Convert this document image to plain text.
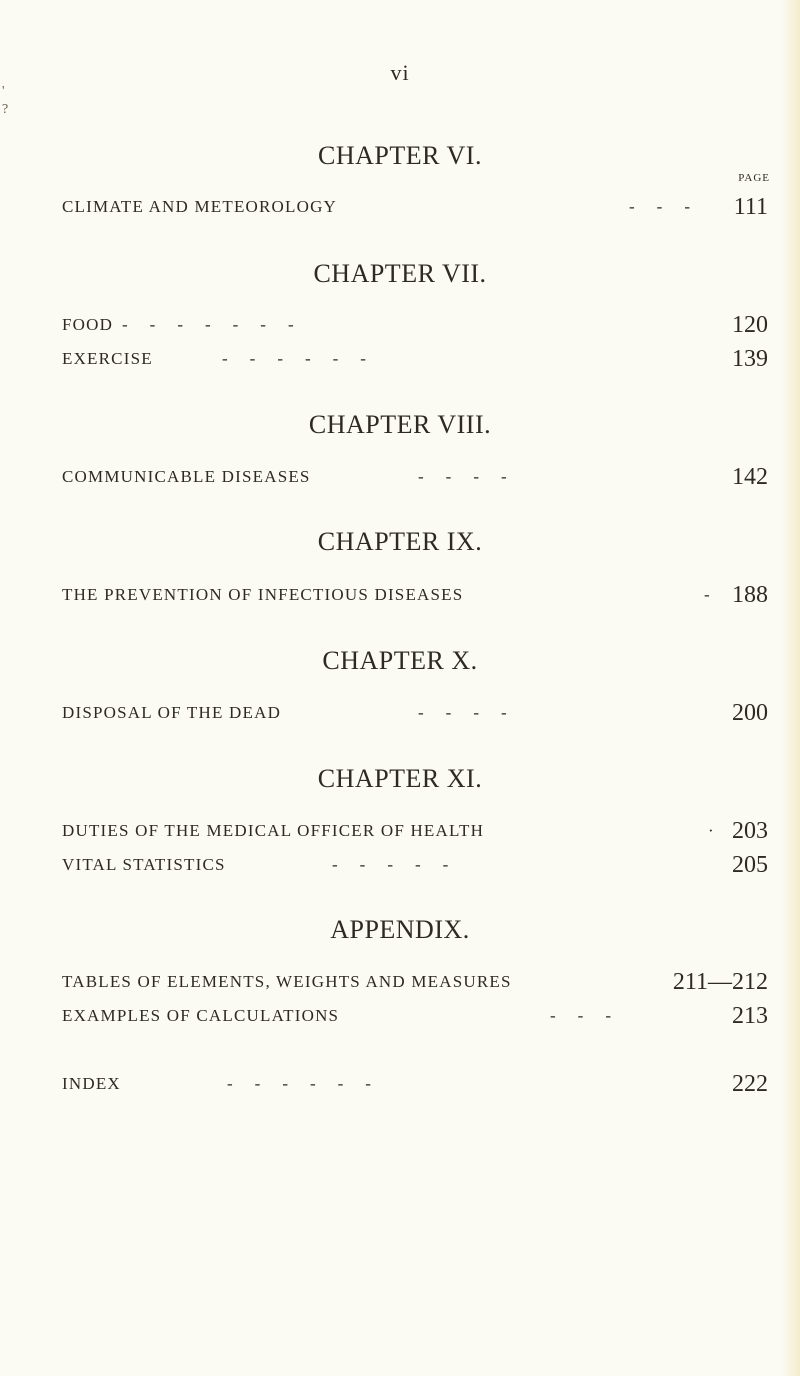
'
?
vi
CHAPTER VI.
PAGE
CLIMATE AND METEOROLOGY	-    -    - 111
CHAPTER VII.
FOOD -    -    -    -    -    -    -	120
EXERCISE	-    -    -    -    -    -	139
CHAPTER VIII.
COMMUNICABLE DISEASES	-    -    -    -	142
CHAPTER IX.
THE PREVENTION OF INFECTIOUS DISEASES	- 188
CHAPTER X.
DISPOSAL OF THE DEAD	-    -    -    -	200
CHAPTER XI.
DUTIES OF THE MEDICAL OFFICER OF HEALTH	· 203
VITAL STATISTICS	-    -    -    -    -	205
APPENDIX.
TABLES OF ELEMENTS, WEIGHTS AND MEASURES	211—212
EXAMPLES OF CALCULATIONS	-    -    -	213
INDEX	-    -    -    -    -    -	222
